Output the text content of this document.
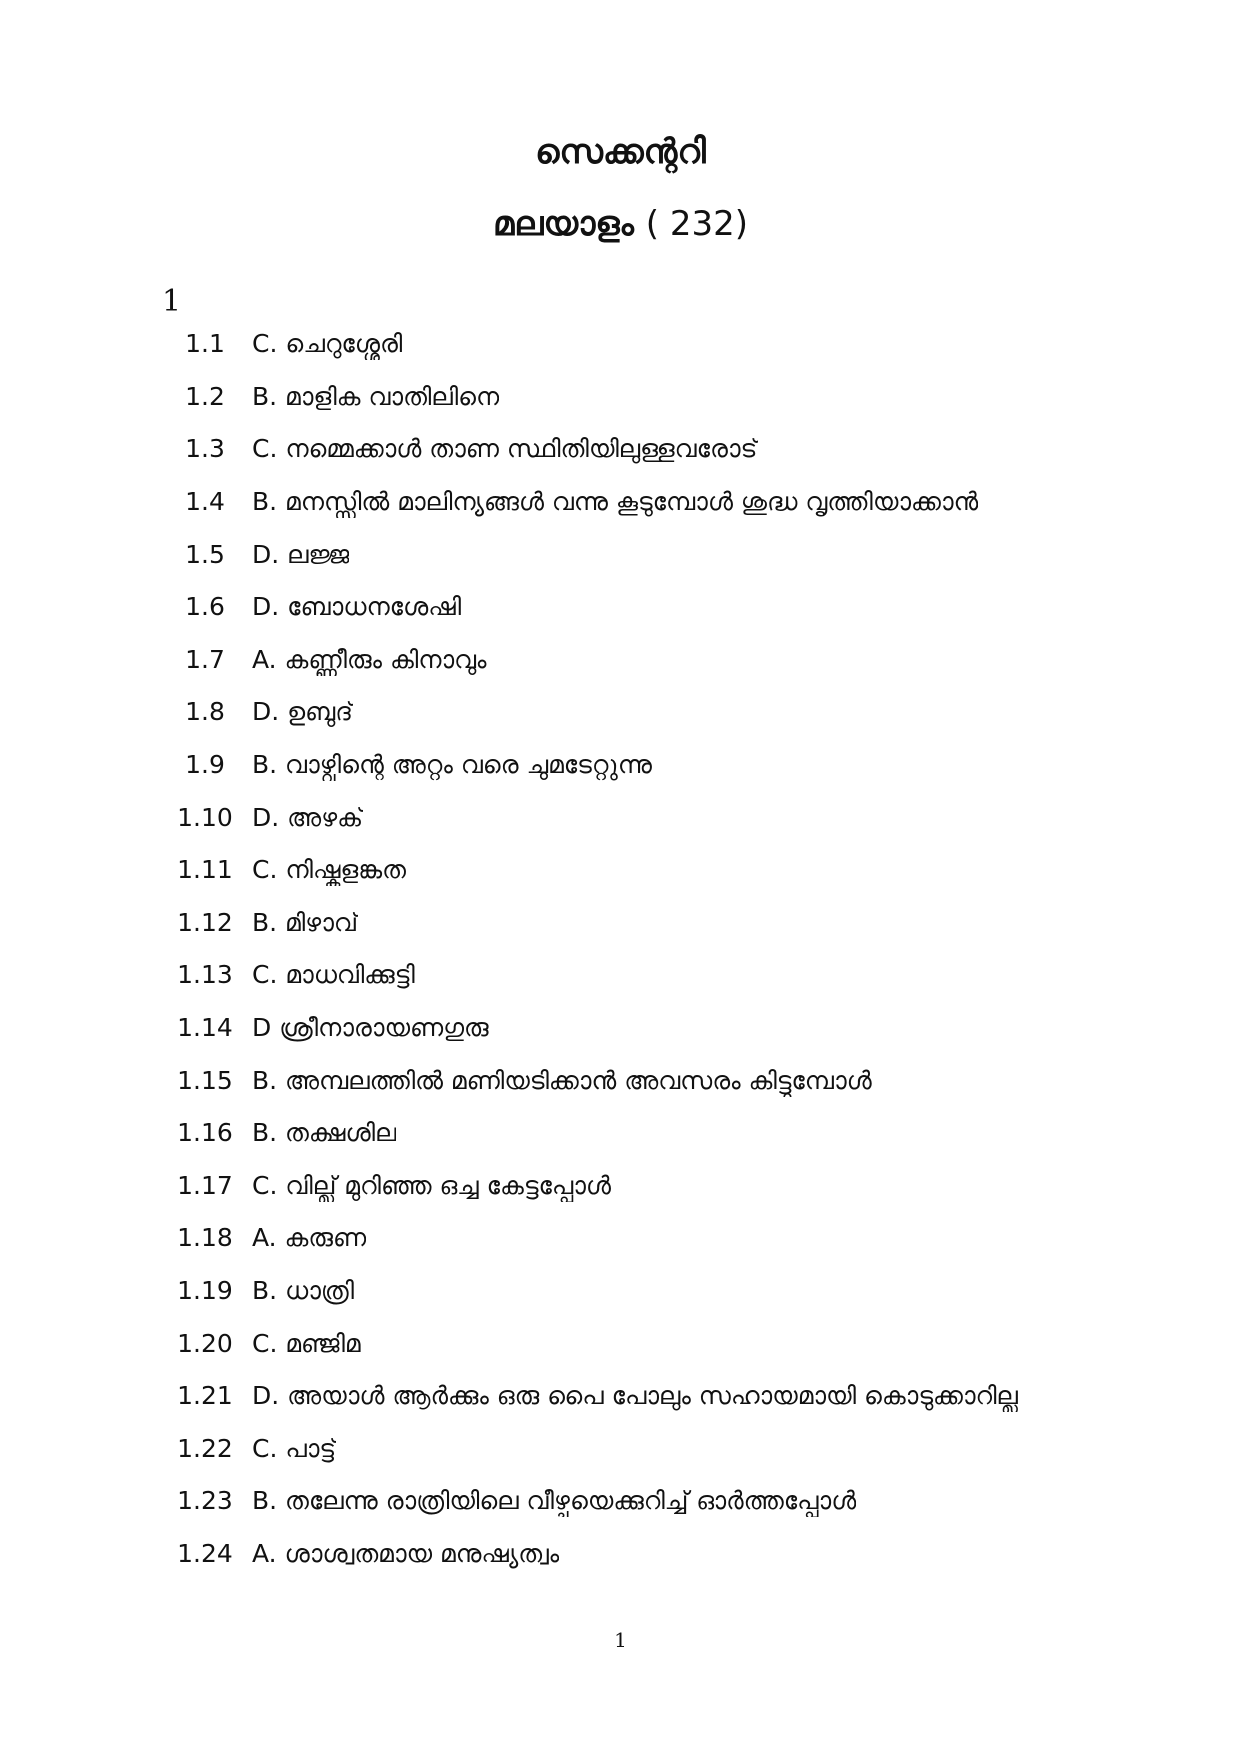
സെക്കന്ററി
മലയാളം ( 232)
1
1.1	C. ചെറുശ്ശേരി
1.2	B. മാളിക വാതിലിനെ
1.3	C. നമ്മെക്കാൾ താണ സ്ഥിതിയിലുള്ളവരോട്
1.4	B. മനസ്സിൽ മാലിന്യങ്ങൾ വന്നു കൂടുമ്പോൾ ശുദ്ധ വൃത്തിയാക്കാൻ
1.5	D. ലജ്ജ
1.6	D. ബോധനശേഷി
1.7	A. കണ്ണീരും കിനാവും
1.8	D. ഉബുദ്
1.9	B. വാഴ്വിന്റെ അറ്റം വരെ ചുമടേറ്റുന്നു
1.10 D. അഴക്
1.11 C. നിഷ്കളങ്കത
1.12 B. മിഴാവ്
1.13 C. മാധവിക്കുട്ടി
1.14 D ശ്രീനാരായണഗുരു
1.15 B. അമ്പലത്തിൽ മണിയടിക്കാൻ അവസരം കിട്ടുമ്പോൾ
1.16 B. തക്ഷശില
1.17 C. വില്ല് മുറിഞ്ഞ ഒച്ച കേട്ടപ്പോൾ
1.18 A. കരുണ
1.19 B. ധാത്രി
1.20 C. മഞ്ജിമ
1.21 D. അയാൾ ആർക്കും ഒരു പൈ പോലും സഹായമായി കൊടുക്കാറില്ല
1.22 C. പാട്ട്
1.23 B. തലേന്നു രാത്രിയിലെ വീഴ്ചയെക്കുറിച്ച് ഓർത്തപ്പോൾ
1.24 A. ശാശ്വതമായ മനുഷ്യത്വം
1
